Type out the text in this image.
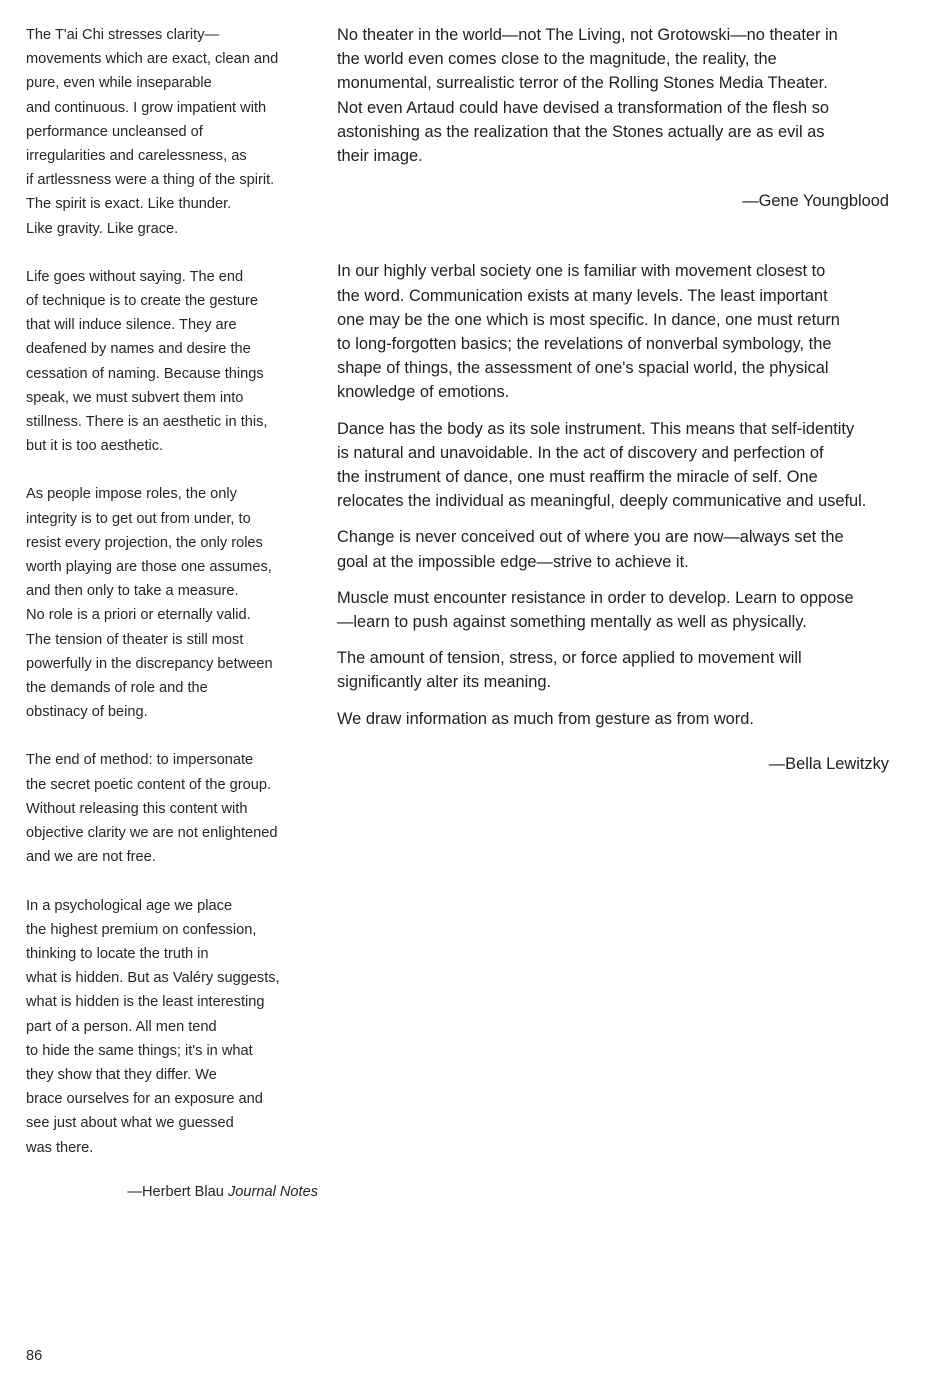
The T'ai Chi stresses clarity—
movements which are exact, clean and
pure, even while inseparable
and continuous. I grow impatient with
performance uncleansed of
irregularities and carelessness, as
if artlessness were a thing of the spirit.
The spirit is exact. Like thunder.
Like gravity. Like grace.
Life goes without saying. The end
of technique is to create the gesture
that will induce silence. They are
deafened by names and desire the
cessation of naming. Because things
speak, we must subvert them into
stillness. There is an aesthetic in this,
but it is too aesthetic.
As people impose roles, the only
integrity is to get out from under, to
resist every projection, the only roles
worth playing are those one assumes,
and then only to take a measure.
No role is a priori or eternally valid.
The tension of theater is still most
powerfully in the discrepancy between
the demands of role and the
obstinacy of being.
The end of method: to impersonate
the secret poetic content of the group.
Without releasing this content with
objective clarity we are not enlightened
and we are not free.
In a psychological age we place
the highest premium on confession,
thinking to locate the truth in
what is hidden. But as Valéry suggests,
what is hidden is the least interesting
part of a person. All men tend
to hide the same things; it's in what
they show that they differ. We
brace ourselves for an exposure and
see just about what we guessed
was there.
—Herbert Blau Journal Notes
No theater in the world—not The Living, not Grotowski—no theater in
the world even comes close to the magnitude, the reality, the
monumental, surrealistic terror of the Rolling Stones Media Theater.
Not even Artaud could have devised a transformation of the flesh so
astonishing as the realization that the Stones actually are as evil as
their image.
—Gene Youngblood
In our highly verbal society one is familiar with movement closest to
the word. Communication exists at many levels. The least important
one may be the one which is most specific. In dance, one must return
to long-forgotten basics; the revelations of nonverbal symbology, the
shape of things, the assessment of one's spacial world, the physical
knowledge of emotions.
Dance has the body as its sole instrument. This means that self-identity
is natural and unavoidable. In the act of discovery and perfection of
the instrument of dance, one must reaffirm the miracle of self. One
relocates the individual as meaningful, deeply communicative and useful.
Change is never conceived out of where you are now—always set the
goal at the impossible edge—strive to achieve it.
Muscle must encounter resistance in order to develop. Learn to oppose
—learn to push against something mentally as well as physically.
The amount of tension, stress, or force applied to movement will
significantly alter its meaning.
We draw information as much from gesture as from word.
—Bella Lewitzky
86
